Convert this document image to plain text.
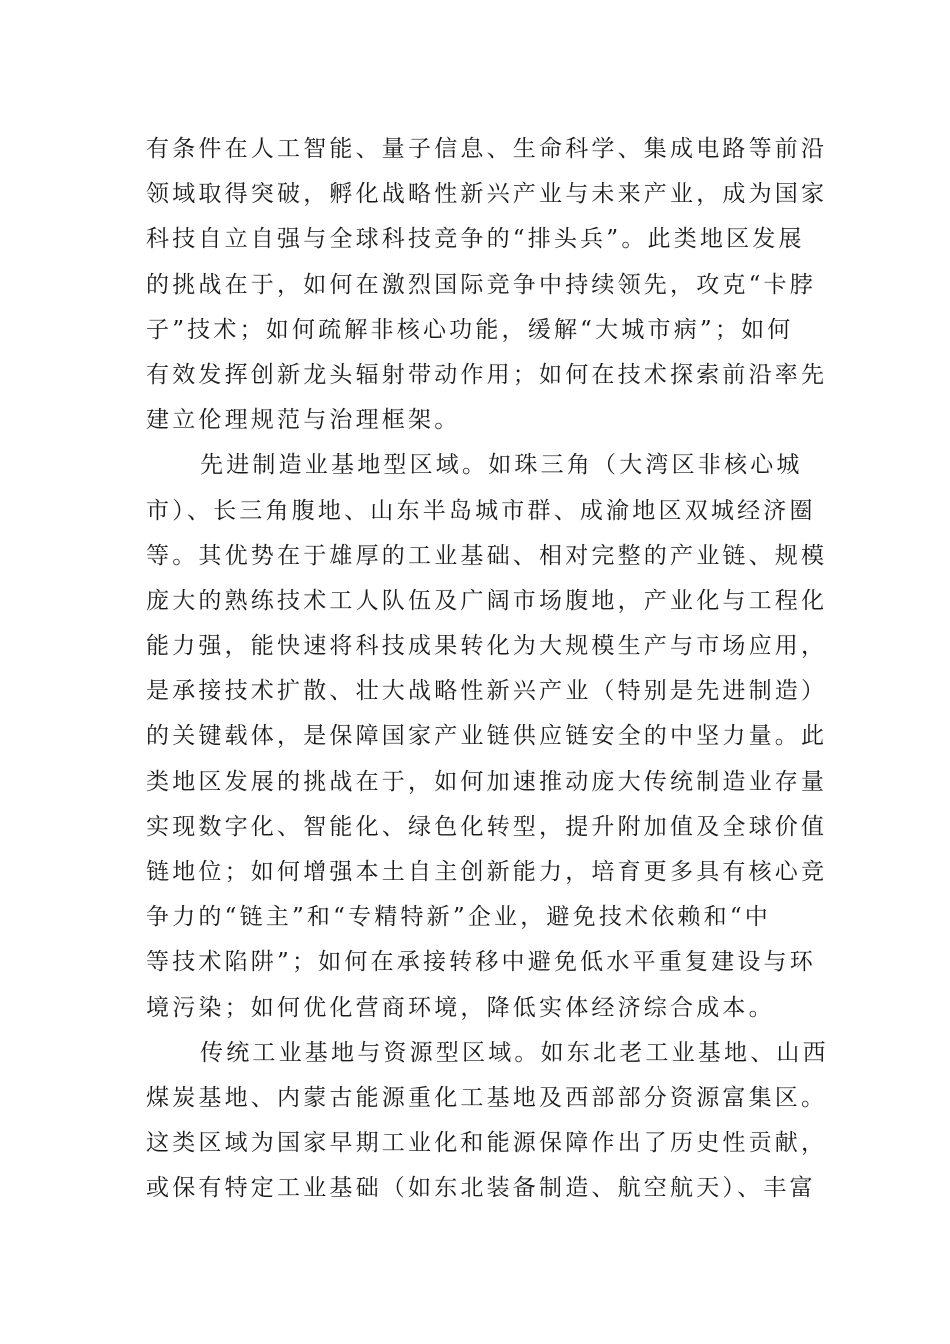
有条件在人工智能、量子信息、生命科学、集成电路等前沿
领域取得突破，孵化战略性新兴产业与未来产业，成为国家
科技自立自强与全球科技竞争的“排头兵”。此类地区发展
的挑战在于，如何在激烈国际竞争中持续领先，攻克“卡脖
子”技术；如何疏解非核心功能，缓解“大城市病”；如何
有效发挥创新龙头辐射带动作用；如何在技术探索前沿率先
建立伦理规范与治理框架。
先进制造业基地型区域。如珠三角（大湾区非核心城
市）、长三角腹地、山东半岛城市群、成渝地区双城经济圈
等。其优势在于雄厚的工业基础、相对完整的产业链、规模
庞大的熟练技术工人队伍及广阔市场腹地，产业化与工程化
能力强，能快速将科技成果转化为大规模生产与市场应用，
是承接技术扩散、壮大战略性新兴产业（特别是先进制造）
的关键载体，是保障国家产业链供应链安全的中坚力量。此
类地区发展的挑战在于，如何加速推动庞大传统制造业存量
实现数字化、智能化、绿色化转型，提升附加值及全球价值
链地位；如何增强本土自主创新能力，培育更多具有核心竞
争力的“链主”和“专精特新”企业，避免技术依赖和“中
等技术陷阱”；如何在承接转移中避免低水平重复建设与环
境污染；如何优化营商环境，降低实体经济综合成本。
传统工业基地与资源型区域。如东北老工业基地、山西
煤炭基地、内蒙古能源重化工基地及西部部分资源富集区。
这类区域为国家早期工业化和能源保障作出了历史性贡献，
或保有特定工业基础（如东北装备制造、航空航天）、丰富
